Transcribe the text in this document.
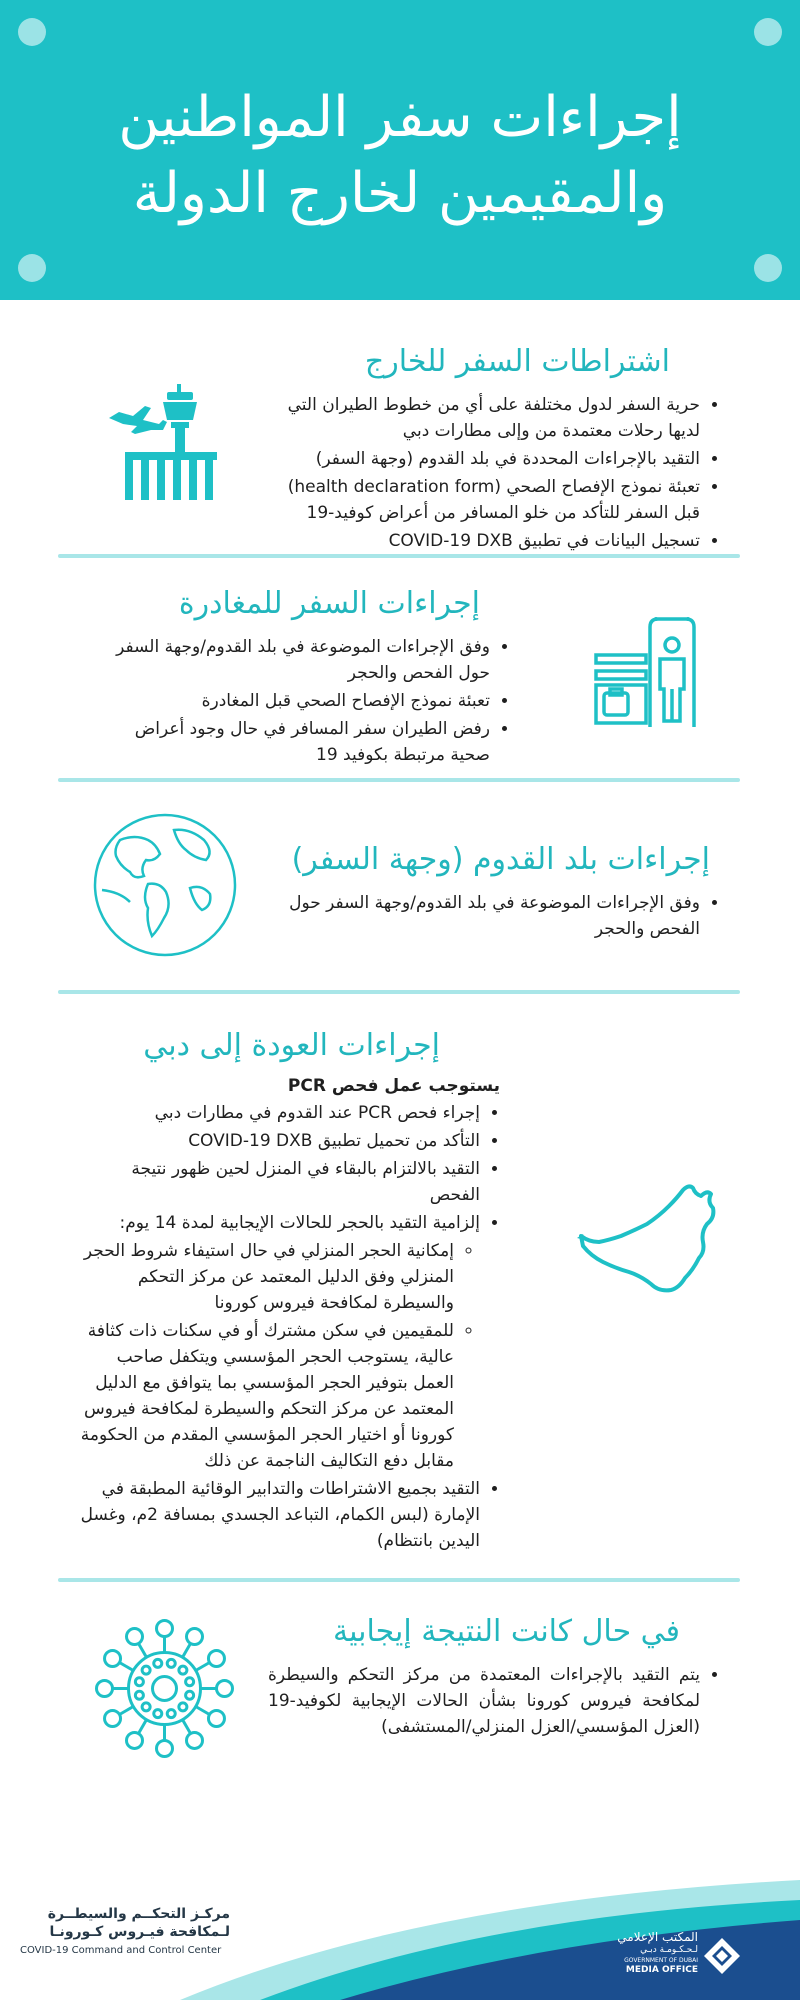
إجراءات سفر المواطنين
والمقيمين لخارج الدولة
اشتراطات السفر للخارج
• حرية السفر لدول مختلفة على أي من خطوط الطيران التي لديها رحلات معتمدة من وإلى مطارات دبي
• التقيد بالإجراءات المحددة في بلد القدوم (وجهة السفر)
• تعبئة نموذج الإفصاح الصحي (health declaration form) قبل السفر للتأكد من خلو المسافر من أعراض كوفيد-19
• تسجيل البيانات في تطبيق COVID-19 DXB
إجراءات السفر للمغادرة
• وفق الإجراءات الموضوعة في بلد القدوم/وجهة السفر حول الفحص والحجر
• تعبئة نموذج الإفصاح الصحي قبل المغادرة
• رفض الطيران سفر المسافر في حال وجود أعراض صحية مرتبطة بكوفيد 19
إجراءات بلد القدوم (وجهة السفر)
• وفق الإجراءات الموضوعة في بلد القدوم/وجهة السفر حول الفحص والحجر
إجراءات العودة إلى دبي
يستوجب عمل فحص PCR
• إجراء فحص PCR عند القدوم في مطارات دبي
• التأكد من تحميل تطبيق COVID-19 DXB
• التقيد بالالتزام بالبقاء في المنزل لحين ظهور نتيجة الفحص
• إلزامية التقيد بالحجر للحالات الإيجابية لمدة 14 يوم:
◦ إمكانية الحجر المنزلي في حال استيفاء شروط الحجر المنزلي وفق الدليل المعتمد عن مركز التحكم والسيطرة لمكافحة فيروس كورونا
◦ للمقيمين في سكن مشترك أو في سكنات ذات كثافة عالية، يستوجب الحجر المؤسسي ويتكفل صاحب العمل بتوفير الحجر المؤسسي بما يتوافق مع الدليل المعتمد عن مركز التحكم والسيطرة لمكافحة فيروس كورونا أو اختيار الحجر المؤسسي المقدم من الحكومة مقابل دفع التكاليف الناجمة عن ذلك
• التقيد بجميع الاشتراطات والتدابير الوقائية المطبقة في الإمارة (لبس الكمام، التباعد الجسدي بمسافة 2م، وغسل اليدين بانتظام)
في حال كانت النتيجة إيجابية
• يتم التقيد بالإجراءات المعتمدة من مركز التحكم والسيطرة لمكافحة فيروس كورونا بشأن الحالات الإيجابية لكوفيد-19 (العزل المؤسسي/العزل المنزلي/المستشفى)
مركـز التحكــم والسيطــرة
لـمكافحة فيـروس كـورونـا
COVID-19 Command and Control Center
المكتب الإعلامي
لـحـكـومـة دبـي
GOVERNMENT OF DUBAI
MEDIA OFFICE
